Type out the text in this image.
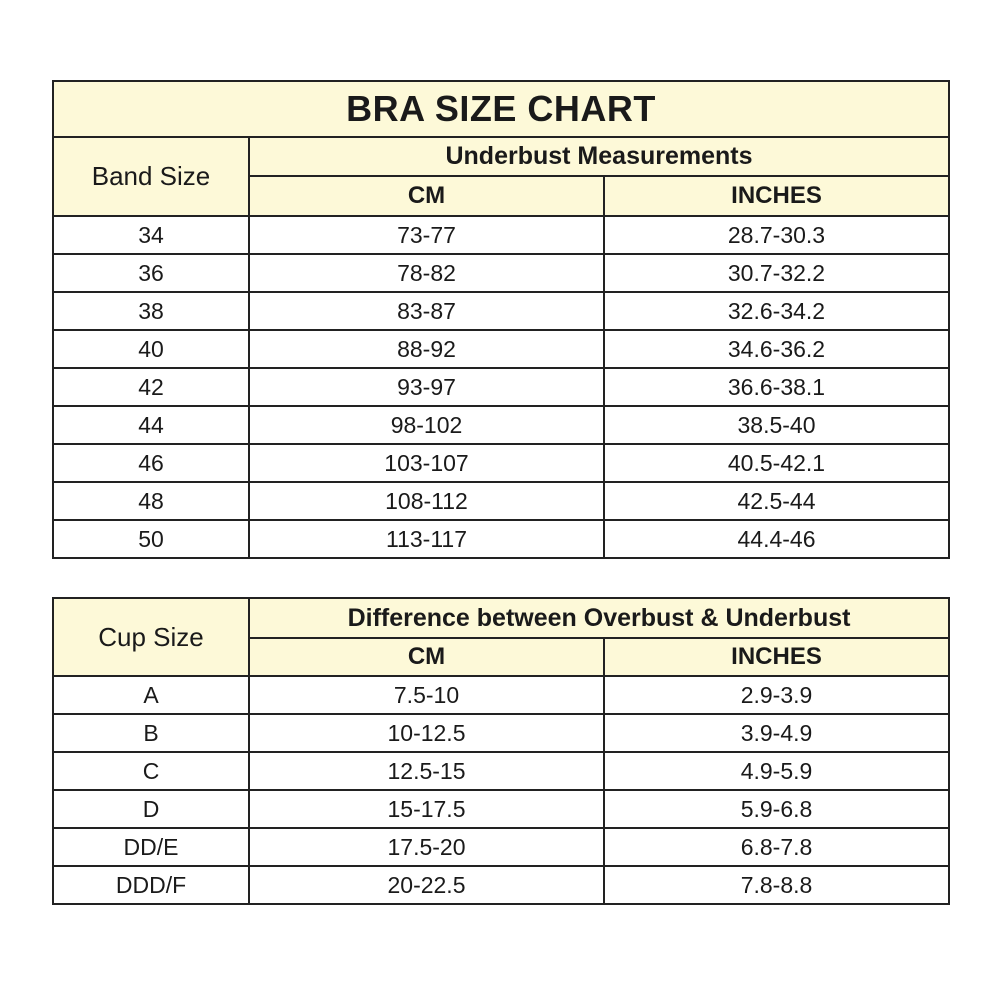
BRA SIZE CHART		
Band Size	Underbust Measurements	
	CM	INCHES
34	73-77	28.7-30.3
36	78-82	30.7-32.2
38	83-87	32.6-34.2
40	88-92	34.6-36.2
42	93-97	36.6-38.1
44	98-102	38.5-40
46	103-107	40.5-42.1
48	108-112	42.5-44
50	113-117	44.4-46
Cup Size	Difference between Overbust & Underbust	
	CM	INCHES
A	7.5-10	2.9-3.9
B	10-12.5	3.9-4.9
C	12.5-15	4.9-5.9
D	15-17.5	5.9-6.8
DD/E	17.5-20	6.8-7.8
DDD/F	20-22.5	7.8-8.8
